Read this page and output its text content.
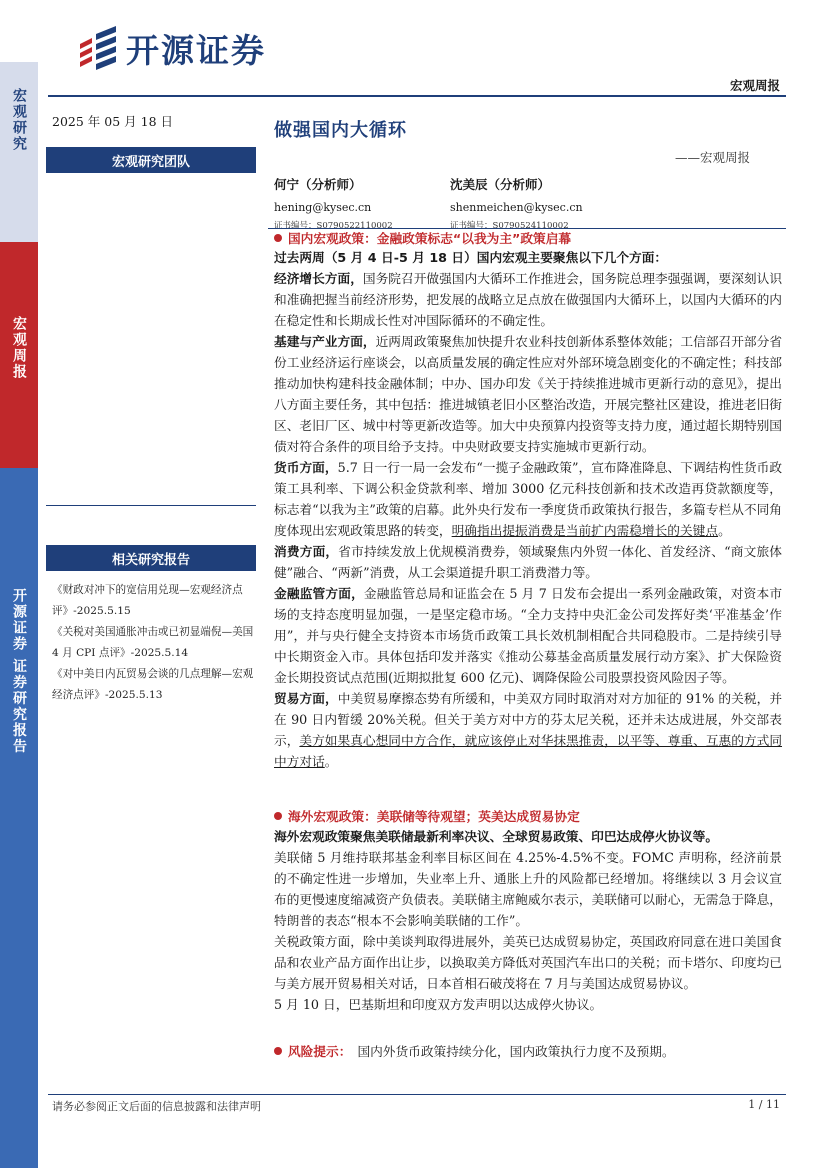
开源证券
宏观周报
宏观研究
宏观周报
开源证券 证券研究报告
2025 年 05 月 18 日
宏观研究团队
相关研究报告
《财政对冲下的宽信用兑现—宏观经济点评》-2025.5.15
《关税对美国通胀冲击或已初显端倪—美国 4 月 CPI 点评》-2025.5.14
《对中美日内瓦贸易会谈的几点理解—宏观经济点评》-2025.5.13
做强国内大循环
——宏观周报
何宁（分析师）
hening@kysec.cn
证书编号：S0790522110002
沈美辰（分析师）
shenmeichen@kysec.cn
证书编号：S0790524110002
国内宏观政策：金融政策标志“以我为主”政策启幕
过去两周（5 月 4 日-5 月 18 日）国内宏观主要聚焦以下几个方面：

经济增长方面，国务院召开做强国内大循环工作推进会，国务院总理李强强调，要深刻认识和准确把握当前经济形势，把发展的战略立足点放在做强国内大循环上，以国内大循环的内在稳定性和长期成长性对冲国际循环的不确定性。

基建与产业方面，近两周政策聚焦加快提升农业科技创新体系整体效能；工信部召开部分省份工业经济运行座谈会，以高质量发展的确定性应对外部环境急剧变化的不确定性；科技部推动加快构建科技金融体制；中办、国办印发《关于持续推进城市更新行动的意见》，提出八方面主要任务，其中包括：推进城镇老旧小区整治改造，开展完整社区建设，推进老旧街区、老旧厂区、城中村等更新改造等。加大中央预算内投资等支持力度，通过超长期特别国债对符合条件的项目给予支持。中央财政要支持实施城市更新行动。

货币方面，5.7 日一行一局一会发布“一揽子金融政策”，宣布降准降息、下调结构性货币政策工具利率、下调公积金贷款利率、增加 3000 亿元科技创新和技术改造再贷款额度等，标志着“以我为主”政策的启幕。此外央行发布一季度货币政策执行报告，多篇专栏从不同角度体现出宏观政策思路的转变，明确指出提振消费是当前扩内需稳增长的关键点。

消费方面，省市持续发放上优规模消费券，领域聚焦内外贸一体化、首发经济、“商文旅体健”融合、“两新”消费，从工会渠道提升职工消费潜力等。

金融监管方面，金融监管总局和证监会在 5 月 7 日发布会提出一系列金融政策，对资本市场的支持态度明显加强，一是坚定稳市场。“全力支持中央汇金公司发挥好类‘平准基金’作用”，并与央行健全支持资本市场货币政策工具长效机制相配合共同稳股市。二是持续引导中长期资金入市。具体包括印发并落实《推动公募基金高质量发展行动方案》、扩大保险资金长期投资试点范围(近期拟批复 600 亿元)、调降保险公司股票投资风险因子等。

贸易方面，中美贸易摩擦态势有所缓和，中美双方同时取消对对方加征的 91% 的关税，并在 90 日内暂缓 20%关税。但关于美方对中方的芬太尼关税，还并未达成进展，外交部表示，美方如果真心想同中方合作，就应该停止对华抹黑推责，以平等、尊重、互惠的方式同中方对话。

海外宏观政策：美联储等待观望；英美达成贸易协定
海外宏观政策聚焦美联储最新利率决议、全球贸易政策、印巴达成停火协议等。

美联储 5 月维持联邦基金利率目标区间在 4.25%-4.5%不变。FOMC 声明称，经济前景的不确定性进一步增加，失业率上升、通胀上升的风险都已经增加。将继续以 3 月会议宣布的更慢速度缩减资产负债表。美联储主席鲍威尔表示，美联储可以耐心，无需急于降息，特朗普的表态“根本不会影响美联储的工作”。

关税政策方面，除中美谈判取得进展外，美英已达成贸易协定，英国政府同意在进口美国食品和农业产品方面作出让步，以换取美方降低对英国汽车出口的关税；而卡塔尔、印度均已与美方展开贸易相关对话，日本首相石破茂将在 7 月与美国达成贸易协议。

5 月 10 日，巴基斯坦和印度双方发声明以达成停火协议。

风险提示： 国内外货币政策持续分化，国内政策执行力度不及预期。
请务必参阅正文后面的信息披露和法律声明	1 / 11
